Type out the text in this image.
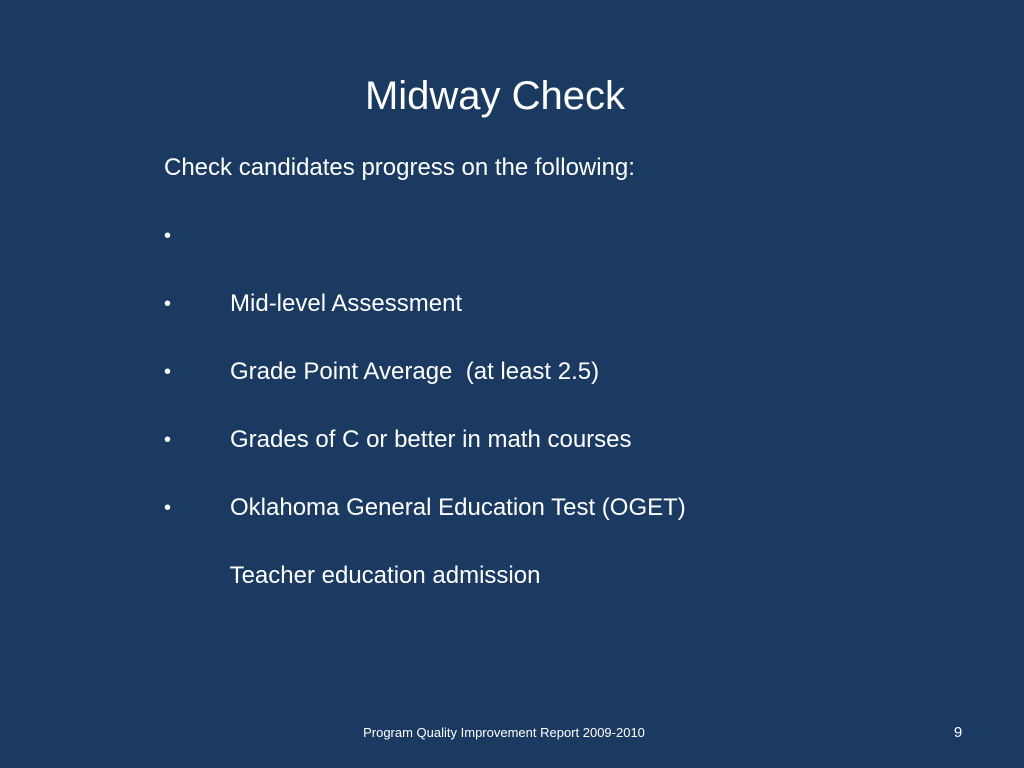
Midway Check
Check candidates progress on the following:

•

Mid-level Assessment

•

Grade Point Average  (at least 2.5)

•

Grades of C or better in math courses

•

Oklahoma General Education Test (OGET)

•

Teacher education admission

Program Quality Improvement Report 2009-2010	9
